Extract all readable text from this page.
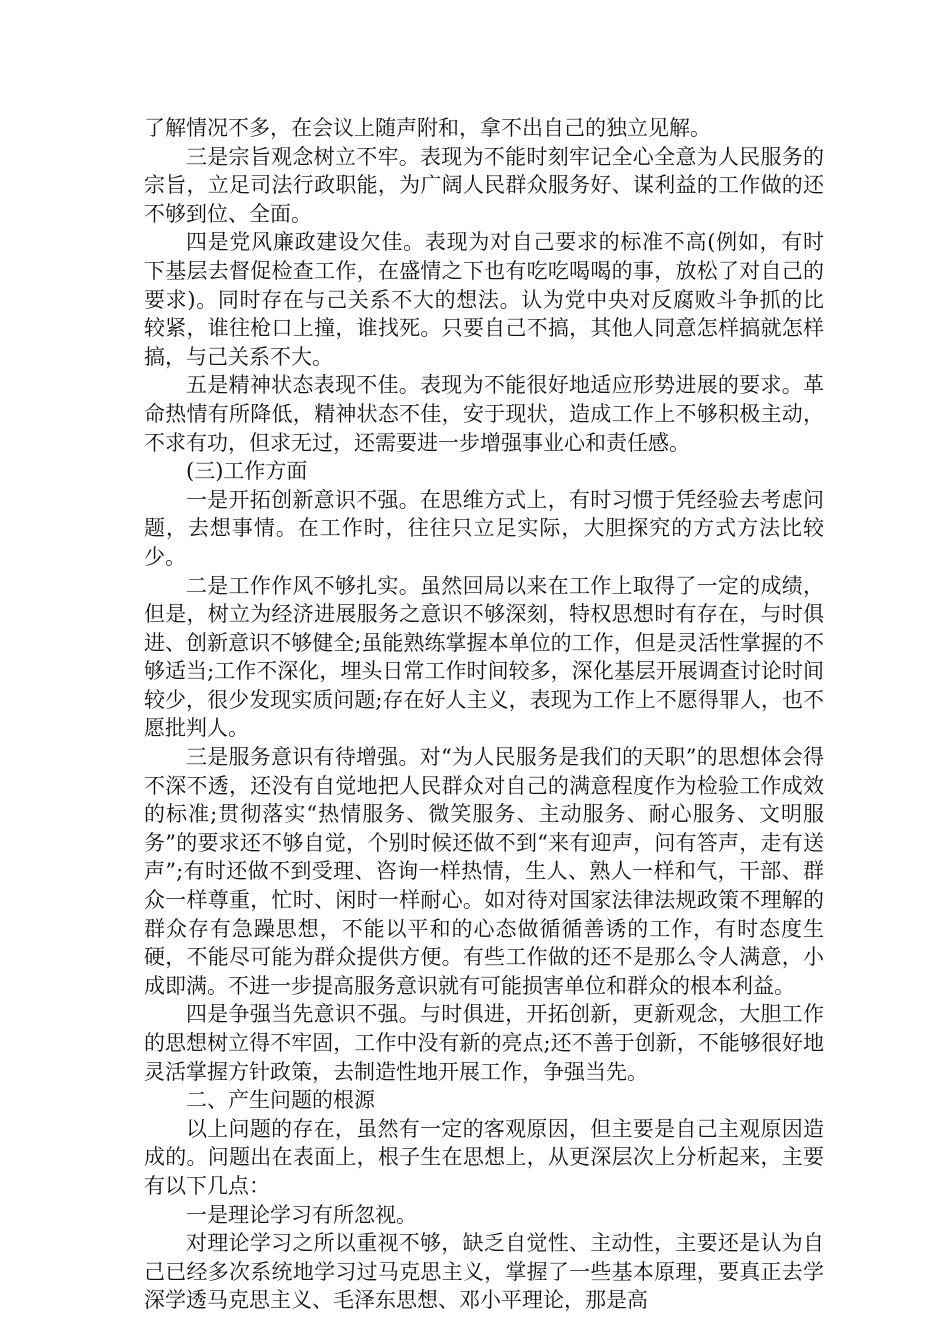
了解情况不多，在会议上随声附和，拿不出自己的独立见解。

三是宗旨观念树立不牢。表现为不能时刻牢记全心全意为人民服务的宗旨，立足司法行政职能，为广阔人民群众服务好、谋利益的工作做的还不够到位、全面。

四是党风廉政建设欠佳。表现为对自己要求的标准不高(例如，有时下基层去督促检查工作，在盛情之下也有吃吃喝喝的事，放松了对自己的要求)。同时存在与己关系不大的想法。认为党中央对反腐败斗争抓的比较紧，谁往枪口上撞，谁找死。只要自己不搞，其他人同意怎样搞就怎样搞，与己关系不大。

五是精神状态表现不佳。表现为不能很好地适应形势进展的要求。革命热情有所降低，精神状态不佳，安于现状，造成工作上不够积极主动，不求有功，但求无过，还需要进一步增强事业心和责任感。

(三)工作方面

一是开拓创新意识不强。在思维方式上，有时习惯于凭经验去考虑问题，去想事情。在工作时，往往只立足实际，大胆探究的方式方法比较少。

二是工作作风不够扎实。虽然回局以来在工作上取得了一定的成绩，但是，树立为经济进展服务之意识不够深刻，特权思想时有存在，与时俱进、创新意识不够健全;虽能熟练掌握本单位的工作，但是灵活性掌握的不够适当;工作不深化，埋头日常工作时间较多，深化基层开展调查讨论时间较少，很少发现实质问题;存在好人主义，表现为工作上不愿得罪人，也不愿批判人。

三是服务意识有待增强。对“为人民服务是我们的天职”的思想体会得不深不透，还没有自觉地把人民群众对自己的满意程度作为检验工作成效的标准;贯彻落实“热情服务、微笑服务、主动服务、耐心服务、文明服务”的要求还不够自觉，个别时候还做不到“来有迎声，问有答声，走有送声”;有时还做不到受理、咨询一样热情，生人、熟人一样和气，干部、群众一样尊重，忙时、闲时一样耐心。如对待对国家法律法规政策不理解的群众存有急躁思想，不能以平和的心态做循循善诱的工作，有时态度生硬，不能尽可能为群众提供方便。有些工作做的还不是那么令人满意，小成即满。不进一步提高服务意识就有可能损害单位和群众的根本利益。

四是争强当先意识不强。与时俱进，开拓创新，更新观念，大胆工作的思想树立得不牢固，工作中没有新的亮点;还不善于创新，不能够很好地灵活掌握方针政策，去制造性地开展工作，争强当先。

二、产生问题的根源

以上问题的存在，虽然有一定的客观原因，但主要是自己主观原因造成的。问题出在表面上，根子生在思想上，从更深层次上分析起来，主要有以下几点：

一是理论学习有所忽视。

对理论学习之所以重视不够，缺乏自觉性、主动性，主要还是认为自己已经多次系统地学习过马克思主义，掌握了一些基本原理，要真正去学深学透马克思主义、毛泽东思想、邓小平理论，那是高
